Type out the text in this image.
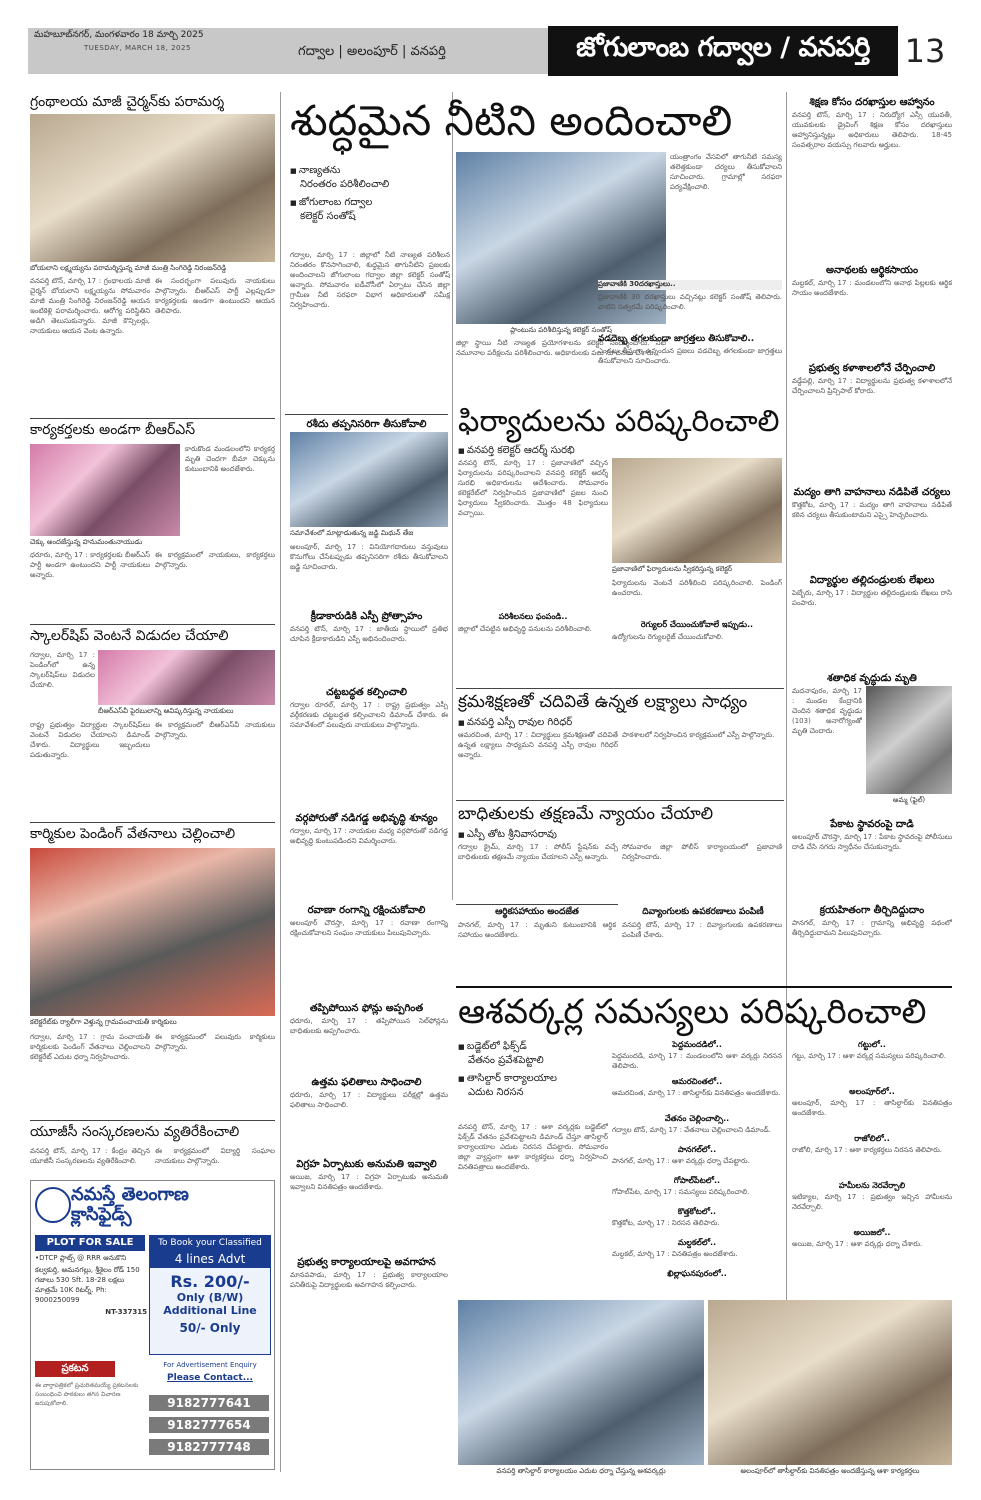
మహబూబ్‌నగర్, మంగళవారం 18 మార్చి 2025
TUESDAY, MARCH 18, 2025	గద్వాల | అలంపూర్ | వనపర్తి	జోగులాంబ గద్వాల / వనపర్తి	13
గ్రంథాలయ మాజీ చైర్మన్‌కు పరామర్శ
బోయలాని లక్ష్మయ్యను పరామర్శిస్తున్న మాజీ మంత్రి సింగిరెడ్డి నిరంజన్‌రెడ్డి
వనపర్తి టౌన్, మార్చి 17 : గ్రంథాలయ మాజీ చైర్మన్ బోయలాని లక్ష్మయ్యను సోమవారం మాజీ మంత్రి సింగిరెడ్డి నిరంజన్‌రెడ్డి ఆయన ఇంటికెళ్లి పరామర్శించారు. ఆరోగ్య పరిస్థితిని అడిగి తెలుసుకున్నారు. మాజీ కౌన్సిలర్లు, నాయకులు ఆయన వెంట ఉన్నారు.
ఈ సందర్భంగా పలువురు నాయకులు పాల్గొన్నారు. బీఆర్ఎస్ పార్టీ ఎల్లప్పుడూ కార్యకర్తలకు అండగా ఉంటుందని ఆయన తెలిపారు.
కార్యకర్తలకు అండగా బీఆర్ఎస్
చెక్కు అందజేస్తున్న హనుమంతునాయుడు
కారుకొండ మండలంలోని కార్యకర్త మృతి చెందగా బీమా చెక్కును కుటుంబానికి అందజేశారు.
ధరూరు, మార్చి 17 : కార్యకర్తలకు బీఆర్ఎస్ పార్టీ అండగా ఉంటుందని పార్టీ నాయకులు అన్నారు.
ఈ కార్యక్రమంలో నాయకులు, కార్యకర్తలు పాల్గొన్నారు.
స్కాలర్‌షిప్ వెంటనే విడుదల చేయాలి
గద్వాల, మార్చి 17 : పెండింగ్‌లో ఉన్న స్కాలర్‌షిప్‌లు విడుదల చేయాలి.
బీఆర్ఎస్‌వీ పైరబులాన్ని ఆవిష్కరిస్తున్న నాయకులు
రాష్ట్ర ప్రభుత్వం విద్యార్థుల స్కాలర్‌షిప్‌లు వెంటనే విడుదల చేయాలని డిమాండ్ చేశారు. విద్యార్థులు ఇబ్బందులు పడుతున్నారు.
ఈ కార్యక్రమంలో బీఆర్ఎస్‌వీ నాయకులు పాల్గొన్నారు.
కార్మికుల పెండింగ్ వేతనాలు చెల్లించాలి
కలెక్టరేట్‌కు ర్యాలీగా వెళ్తున్న గ్రామపంచాయతీ కార్మికులు
గద్వాల, మార్చి 17 : గ్రామ పంచాయతీ కార్మికులకు పెండింగ్ వేతనాలు చెల్లించాలని కలెక్టరేట్ ఎదుట ధర్నా నిర్వహించారు.
ఈ కార్యక్రమంలో పలువురు కార్మికులు పాల్గొన్నారు.
యూజీసీ సంస్కరణలను వ్యతిరేకించాలి
వనపర్తి టౌన్, మార్చి 17 : కేంద్రం తెచ్చిన యూజీసీ సంస్కరణలను వ్యతిరేకించాలి.
ఈ కార్యక్రమంలో విద్యార్థి సంఘాల నాయకులు పాల్గొన్నారు.
నమస్తే తెలంగాణ
క్లాసిఫైడ్స్
PLOT FOR SALE
•DTCP ప్లాట్స్ @ RRR ఆనుకొని
కల్వకుర్తి, ఆమనగల్లు, శ్రీశైలం రోడ్ 150 గజాలు 530 Sft. 18-28 లక్షలు మాత్రమే 10K రిటర్న్. Ph: 9000250099
NT-337315
To Book your Classified
4 lines Advt
Rs. 200/-
Only (B/W)
Additional Line
50/- Only
ప్రకటన
ఈ వార్తాపత్రికలో ప్రచురితమయ్యే ప్రకటనలకు సంబంధించి పాఠకులు తగిన విచారణ జరుపుకోవాలి.
For Advertisement Enquiry
Please Contact...
9182777641
9182777654
9182777748
శుద్ధమైన నీటిని అందించాలి
■ నాణ్యతను
నిరంతరం పరిశీలించాలి
■ జోగులాంబ గద్వాల
కలెక్టర్ సంతోష్
ప్లాంటును పరిశీలిస్తున్న కలెక్టర్ సంతోష్
గద్వాల, మార్చి 17 : జిల్లాలో నీటి నాణ్యత పరిశీలన నిరంతరం కొనసాగించాలి, శుద్ధమైన తాగునీటిని ప్రజలకు అందించాలని జోగులాంబ గద్వాల జిల్లా కలెక్టర్ సంతోష్ అన్నారు. సోమవారం ఐడీవోసీలో ఏర్పాటు చేసిన జిల్లా గ్రామీణ నీటి సరఫరా విభాగ అధికారులతో సమీక్ష నిర్వహించారు.
జిల్లా స్థాయి నీటి నాణ్యత ప్రయోగశాలను కలెక్టర్ సందర్శించారు. నీటి నమూనాల పరీక్షలను పరిశీలించారు. అధికారులకు పలు సూచనలు చేశారు.
యంత్రాంగం వేసవిలో తాగునీటి సమస్య తలెత్తకుండా చర్యలు తీసుకోవాలని సూచించారు. గ్రామాల్లో సరఫరా పర్యవేక్షించాలి.
ప్రజావాణికి 30దరఖాస్తులు..
ప్రజావాణికి 30 దరఖాస్తులు వచ్చినట్లు కలెక్టర్ సంతోష్ తెలిపారు. వాటిని సత్వరమే పరిష్కరించాలి.
వడదెబ్బ తగలకుండా జాగ్రత్తలు తీసుకోవాలి..
ఎండలు తీవ్రంగా ఉన్నందున ప్రజలు వడదెబ్బ తగలకుండా జాగ్రత్తలు తీసుకోవాలని సూచించారు.
రశీదు తప్పనిసరిగా తీసుకోవాలి
సమావేశంలో మాట్లాడుతున్న జడ్జి మిథున్ తేజ
అలంపూర్, మార్చి 17 : వినియోగదారులు వస్తువులు కొనుగోలు చేసేటప్పుడు తప్పనిసరిగా రశీదు తీసుకోవాలని జడ్జి సూచించారు.
క్రీడాకారుడికి ఎస్పీ ప్రోత్సాహం
వనపర్తి టౌన్, మార్చి 17 : జాతీయ స్థాయిలో ప్రతిభ చూపిన క్రీడాకారుడిని ఎస్పీ అభినందించారు.
చట్టబద్ధత కల్పించాలి
గద్వాల రూరల్, మార్చి 17 : రాష్ట్ర ప్రభుత్వం ఎస్సీ వర్గీకరణకు చట్టబద్ధత కల్పించాలని డిమాండ్ చేశారు. ఈ సమావేశంలో పలువురు నాయకులు పాల్గొన్నారు.
వర్గపోరుతో నడిగడ్డ అభివృద్ధి శూన్యం
గద్వాల, మార్చి 17 : నాయకుల మధ్య వర్గపోరుతో నడిగడ్డ అభివృద్ధి కుంటుపడిందని విమర్శించారు.
ఫిర్యాదులను పరిష్కరించాలి
■ వనపర్తి కలెక్టర్ ఆదర్శ్ సురభి
వనపర్తి టౌన్, మార్చి 17 : ప్రజావాణిలో వచ్చిన ఫిర్యాదులను పరిష్కరించాలని వనపర్తి కలెక్టర్ ఆదర్శ్ సురభి అధికారులను ఆదేశించారు. సోమవారం కలెక్టరేట్‌లో నిర్వహించిన ప్రజావాణిలో ప్రజల నుంచి ఫిర్యాదులు స్వీకరించారు. మొత్తం 48 ఫిర్యాదులు వచ్చాయి.
ప్రజావాణిలో ఫిర్యాదులను స్వీకరిస్తున్న కలెక్టర్
ఫిర్యాదులను వెంటనే పరిశీలించి పరిష్కరించాలి. పెండింగ్ ఉంచరాదు.
పరిశీలనలు ఫంపండి..
జిల్లాలో చేపట్టిన అభివృద్ధి పనులను పరిశీలించాలి.	రెగ్యులర్ చేయించుకోవాలే ఇప్పుడు..
ఉద్యోగులను రెగ్యులరైజ్ చేయించుకోవాలి.
క్రమశిక్షణతో చదివితే ఉన్నత లక్ష్యాలు సాధ్యం
■ వనపర్తి ఎస్పీ రావుల గిరిధర్
ఆమరచింత, మార్చి 17 : విద్యార్థులు క్రమశిక్షణతో చదివితే ఉన్నత లక్ష్యాలు సాధ్యమని వనపర్తి ఎస్పీ రావుల గిరిధర్ అన్నారు.
పాఠశాలలో నిర్వహించిన కార్యక్రమంలో ఎస్పీ పాల్గొన్నారు.
బాధితులకు తక్షణమే న్యాయం చేయాలి
■ ఎస్పీ తోట శ్రీనివాసరావు
గద్వాల క్రైమ్, మార్చి 17 : పోలీస్ స్టేషన్‌కు వచ్చే బాధితులకు తక్షణమే న్యాయం చేయాలని ఎస్పీ అన్నారు.
సోమవారం జిల్లా పోలీస్ కార్యాలయంలో ప్రజావాణి నిర్వహించారు.
రవాణా రంగాన్ని రక్షించుకోవాలి
అలంపూర్ చౌరస్తా, మార్చి 17 : రవాణా రంగాన్ని రక్షించుకోవాలని సంఘం నాయకులు పిలుపునిచ్చారు.
తప్పిపోయిన ఫోన్లు అప్పగింత
ధరూరు, మార్చి 17 : తప్పిపోయిన సెల్‌ఫోన్లను బాధితులకు అప్పగించారు.
ఉత్తమ ఫలితాలు సాధించాలి
ధరూరు, మార్చి 17 : విద్యార్థులు పరీక్షల్లో ఉత్తమ ఫలితాలు సాధించాలి.
విగ్రహ ఏర్పాటుకు అనుమతి ఇవ్వాలి
అయిజ, మార్చి 17 : విగ్రహ ఏర్పాటుకు అనుమతి ఇవ్వాలని వినతిపత్రం అందజేశారు.
ప్రభుత్వ కార్యాలయాలపై అవగాహన
మానవపాడు, మార్చి 17 : ప్రభుత్వ కార్యాలయాల పనితీరుపై విద్యార్థులకు అవగాహన కల్పించారు.
ఆర్థికసహాయం అందజేత
పానగల్, మార్చి 17 : మృతుని కుటుంబానికి ఆర్థిక సహాయం అందజేశారు.
దివ్యాంగులకు ఉపకరణాలు పంపిణీ
వనపర్తి టౌన్, మార్చి 17 : దివ్యాంగులకు ఉపకరణాలు పంపిణీ చేశారు.
శిక్షణ కోసం దరఖాస్తుల ఆహ్వానం
వనపర్తి టౌన్, మార్చి 17 : నిరుద్యోగ ఎస్సీ యువతీ, యువకులకు డ్రైవింగ్ శిక్షణ కోసం దరఖాస్తులు ఆహ్వానిస్తున్నట్లు అధికారులు తెలిపారు. 18-45 సంవత్సరాల వయస్సు గలవారు అర్హులు.
అనాథలకు ఆర్థికసాయం
మల్దకల్, మార్చి 17 : మండలంలోని అనాథ పిల్లలకు ఆర్థిక సాయం అందజేశారు.
ప్రభుత్వ కళాశాలలోనే చేర్పించాలి
వడ్డేపల్లి, మార్చి 17 : విద్యార్థులను ప్రభుత్వ కళాశాలలోనే చేర్పించాలని ప్రిన్సిపాల్ కోరారు.
మద్యం తాగి వాహనాలు నడిపితే చర్యలు
కొత్తకోట, మార్చి 17 : మద్యం తాగి వాహనాలు నడిపితే కఠిన చర్యలు తీసుకుంటామని ఎస్సై హెచ్చరించారు.
విద్యార్థుల తల్లిదండ్రులకు లేఖలు
పెబ్బేరు, మార్చి 17 : విద్యార్థుల తల్లిదండ్రులకు లేఖలు రాసి పంపారు.
శతాధిక వృద్ధుడు మృతి
మదనాపురం, మార్చి 17 : మండల కేంద్రానికి చెందిన శతాధిక వృద్ధుడు (103) అనారోగ్యంతో మృతి చెందారు.
అమ్మ (ఫైల్)
పేకాట స్థావరంపై దాడి
అలంపూర్ చౌరస్తా, మార్చి 17 : పేకాట స్థావరంపై పోలీసులు దాడి చేసి నగదు స్వాధీనం చేసుకున్నారు.
క్రయహితంగా తీర్చిదిద్దుదాం
పానగల్, మార్చి 17 : గ్రామాన్ని అభివృద్ధి పథంలో తీర్చిదిద్దుదామని పిలుపునిచ్చారు.
ఆశవర్కర్ల సమస్యలు పరిష్కరించాలి
■ బడ్జెట్‌లో ఫిక్స్‌డ్
వేతనం ప్రవేశపెట్టాలి
■ తాసిల్దార్ కార్యాలయాల
ఎదుట నిరసన
వనపర్తి టౌన్, మార్చి 17 : ఆశా వర్కర్లకు బడ్జెట్‌లో ఫిక్స్‌డ్ వేతనం ప్రవేశపెట్టాలని డిమాండ్ చేస్తూ తాసిల్దార్ కార్యాలయాల ఎదుట నిరసన చేపట్టారు. సోమవారం జిల్లా వ్యాప్తంగా ఆశా కార్యకర్తలు ధర్నా నిర్వహించి వినతిపత్రాలు అందజేశారు.
పెద్దమందడిలో..
పెద్దమందడి, మార్చి 17 : మండలంలోని ఆశా వర్కర్లు నిరసన తెలిపారు.
ఆమరచింతలో..
ఆమరచింత, మార్చి 17 : తాసిల్దార్‌కు వినతిపత్రం అందజేశారు.
వేతనం చెల్లించాల్సి..
గద్వాల టౌన్, మార్చి 17 : వేతనాలు చెల్లించాలని డిమాండ్.
పానగల్‌లో..
పానగల్, మార్చి 17 : ఆశా వర్కర్లు ధర్నా చేపట్టారు.
గోపాల్‌పేటలో..
గోపాల్‌పేట, మార్చి 17 : సమస్యలు పరిష్కరించాలి.
కొత్తకోటలో..
కొత్తకోట, మార్చి 17 : నిరసన తెలిపారు.
మల్దకల్‌లో..
మల్దకల్, మార్చి 17 : వినతిపత్రం అందజేశారు.
ఖిల్లాఘనపురంలో..
గట్టులో..
గట్టు, మార్చి 17 : ఆశా వర్కర్ల సమస్యలు పరిష్కరించాలి.
అలంపూర్‌లో..
అలంపూర్, మార్చి 17 : తాసిల్దార్‌కు వినతిపత్రం అందజేశారు.
రాజోలిలో..
రాజోలి, మార్చి 17 : ఆశా కార్యకర్తలు నిరసన తెలిపారు.
హమీలను నెరవేర్చాలి
ఇటిక్యాల, మార్చి 17 : ప్రభుత్వం ఇచ్చిన హామీలను నెరవేర్చాలి.
అయిజలో..
అయిజ, మార్చి 17 : ఆశా వర్కర్లు ధర్నా చేశారు.
వనపర్తి తాసిల్దార్ కార్యాలయం ఎదుట ధర్నా చేస్తున్న ఆశవర్కర్లు	అలంపూర్‌లో తాసిల్దార్‌కు వినతిపత్రం అందజేస్తున్న ఆశా కార్యకర్తలు
